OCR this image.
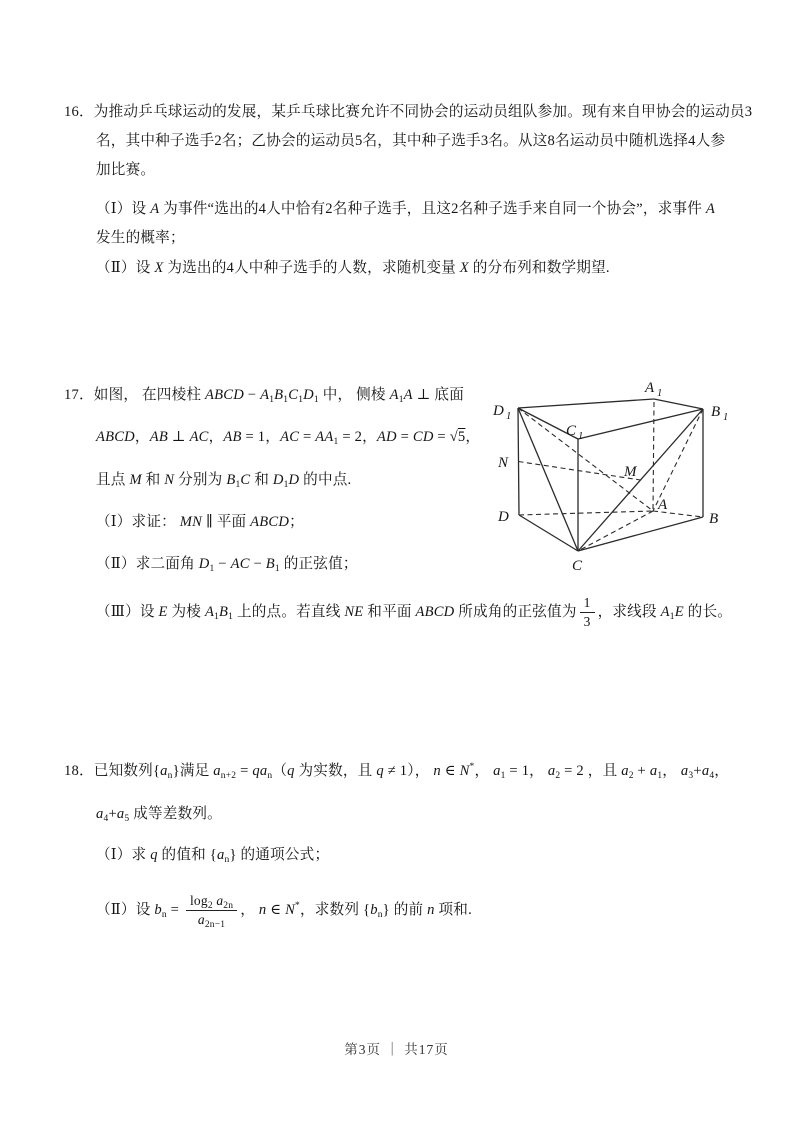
16．为推动乒乓球运动的发展，某乒乓球比赛允许不同协会的运动员组队参加。现有来自甲协会的运动员3
名，其中种子选手2名；乙协会的运动员5名，其中种子选手3名。从这8名运动员中随机选择4人参
加比赛。
（Ⅰ）设 A 为事件“选出的4人中恰有2名种子选手，且这2名种子选手来自同一个协会”，求事件 A
发生的概率；
（Ⅱ）设 X 为选出的4人中种子选手的人数，求随机变量 X 的分布列和数学期望.
17．如图， 在四棱柱 ABCD − $A_1B_1C_1D_1$ 中， 侧棱 $A_1A$ ⊥ 底面
ABCD，AB ⊥ AC，AB = 1，AC = $AA_1 = 2$，AD = CD = √5，
且点 M 和 N 分别为 $B_1C$ 和 $D_1D$ 的中点.
（Ⅰ）求证： MN ∥ 平面 ABCD；
（Ⅱ）求二面角 $D_1$ − AC − $B_1$ 的正弦值；
（Ⅲ）设 E 为棱 $A_1B_1$ 上的点。若直线 NE 和平面 ABCD 所成角的正弦值为 $\frac{1}{3}$ ，求线段 $A_1E$ 的长。
D 1
A 1
B 1
C 1
N
M
A
D	B
C
18．已知数列$\{a_n\}$满足 $a_{n+2} = qa_n(q$ 为实数，且 q ≠ 1）， n ∈ N*， $a_1 = 1$， $a_2 = 2$ ，且 $a_2 + a_1$， $a_3+a_4$，
$a_4+a_5$ 成等差数列。
（Ⅰ）求 q 的值和 $\{a_n\}$ 的通项公式；
（Ⅱ）设 $b_n = \frac{\log_2 a_{2n}}{a_{2n-1}}$ ， n ∈ N*，求数列 $\{b_n\}$ 的前 n 项和.
第3页 ｜ 共17页
